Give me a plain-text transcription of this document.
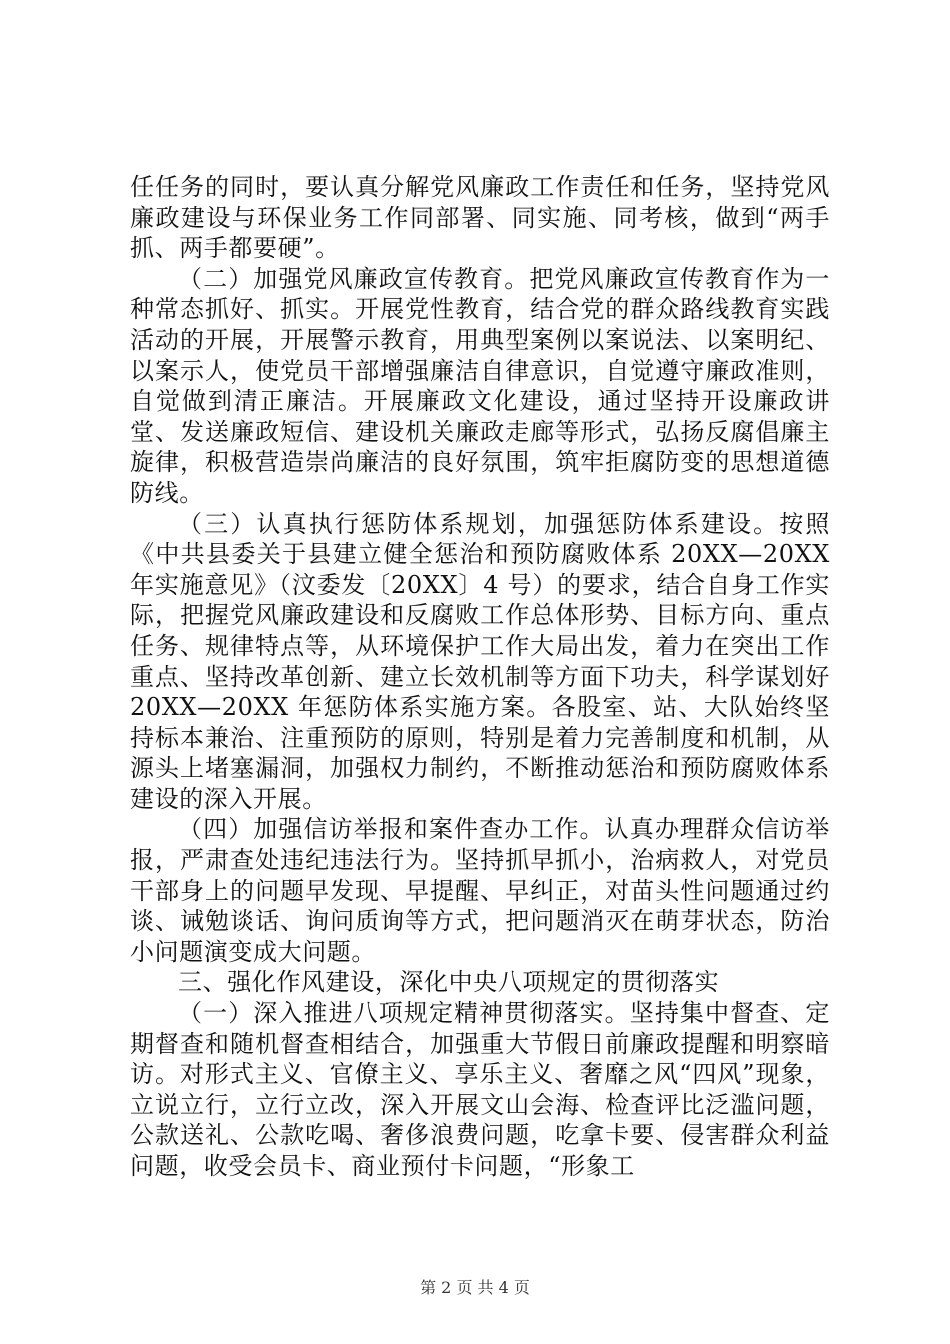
任任务的同时，要认真分解党风廉政工作责任和任务，坚持党风廉政建设与环保业务工作同部署、同实施、同考核，做到“两手抓、两手都要硬”。

（二）加强党风廉政宣传教育。把党风廉政宣传教育作为一种常态抓好、抓实。开展党性教育，结合党的群众路线教育实践活动的开展，开展警示教育，用典型案例以案说法、以案明纪、以案示人，使党员干部增强廉洁自律意识，自觉遵守廉政准则，自觉做到清正廉洁。开展廉政文化建设，通过坚持开设廉政讲堂、发送廉政短信、建设机关廉政走廊等形式，弘扬反腐倡廉主旋律，积极营造崇尚廉洁的良好氛围，筑牢拒腐防变的思想道德防线。

（三）认真执行惩防体系规划，加强惩防体系建设。按照《中共县委关于县建立健全惩治和预防腐败体系 20XX—20XX 年实施意见》（汶委发〔20XX〕4 号）的要求，结合自身工作实际，把握党风廉政建设和反腐败工作总体形势、目标方向、重点任务、规律特点等，从环境保护工作大局出发，着力在突出工作重点、坚持改革创新、建立长效机制等方面下功夫，科学谋划好 20XX—20XX 年惩防体系实施方案。各股室、站、大队始终坚持标本兼治、注重预防的原则，特别是着力完善制度和机制，从源头上堵塞漏洞，加强权力制约，不断推动惩治和预防腐败体系建设的深入开展。

（四）加强信访举报和案件查办工作。认真办理群众信访举报，严肃查处违纪违法行为。坚持抓早抓小，治病救人，对党员干部身上的问题早发现、早提醒、早纠正，对苗头性问题通过约谈、诫勉谈话、询问质询等方式，把问题消灭在萌芽状态，防治小问题演变成大问题。

三、强化作风建设，深化中央八项规定的贯彻落实

（一）深入推进八项规定精神贯彻落实。坚持集中督查、定期督查和随机督查相结合，加强重大节假日前廉政提醒和明察暗访。对形式主义、官僚主义、享乐主义、奢靡之风“四风”现象，立说立行，立行立改，深入开展文山会海、检查评比泛滥问题，公款送礼、公款吃喝、奢侈浪费问题，吃拿卡要、侵害群众利益问题，收受会员卡、商业预付卡问题，“形象工

第 2 页 共 4 页
